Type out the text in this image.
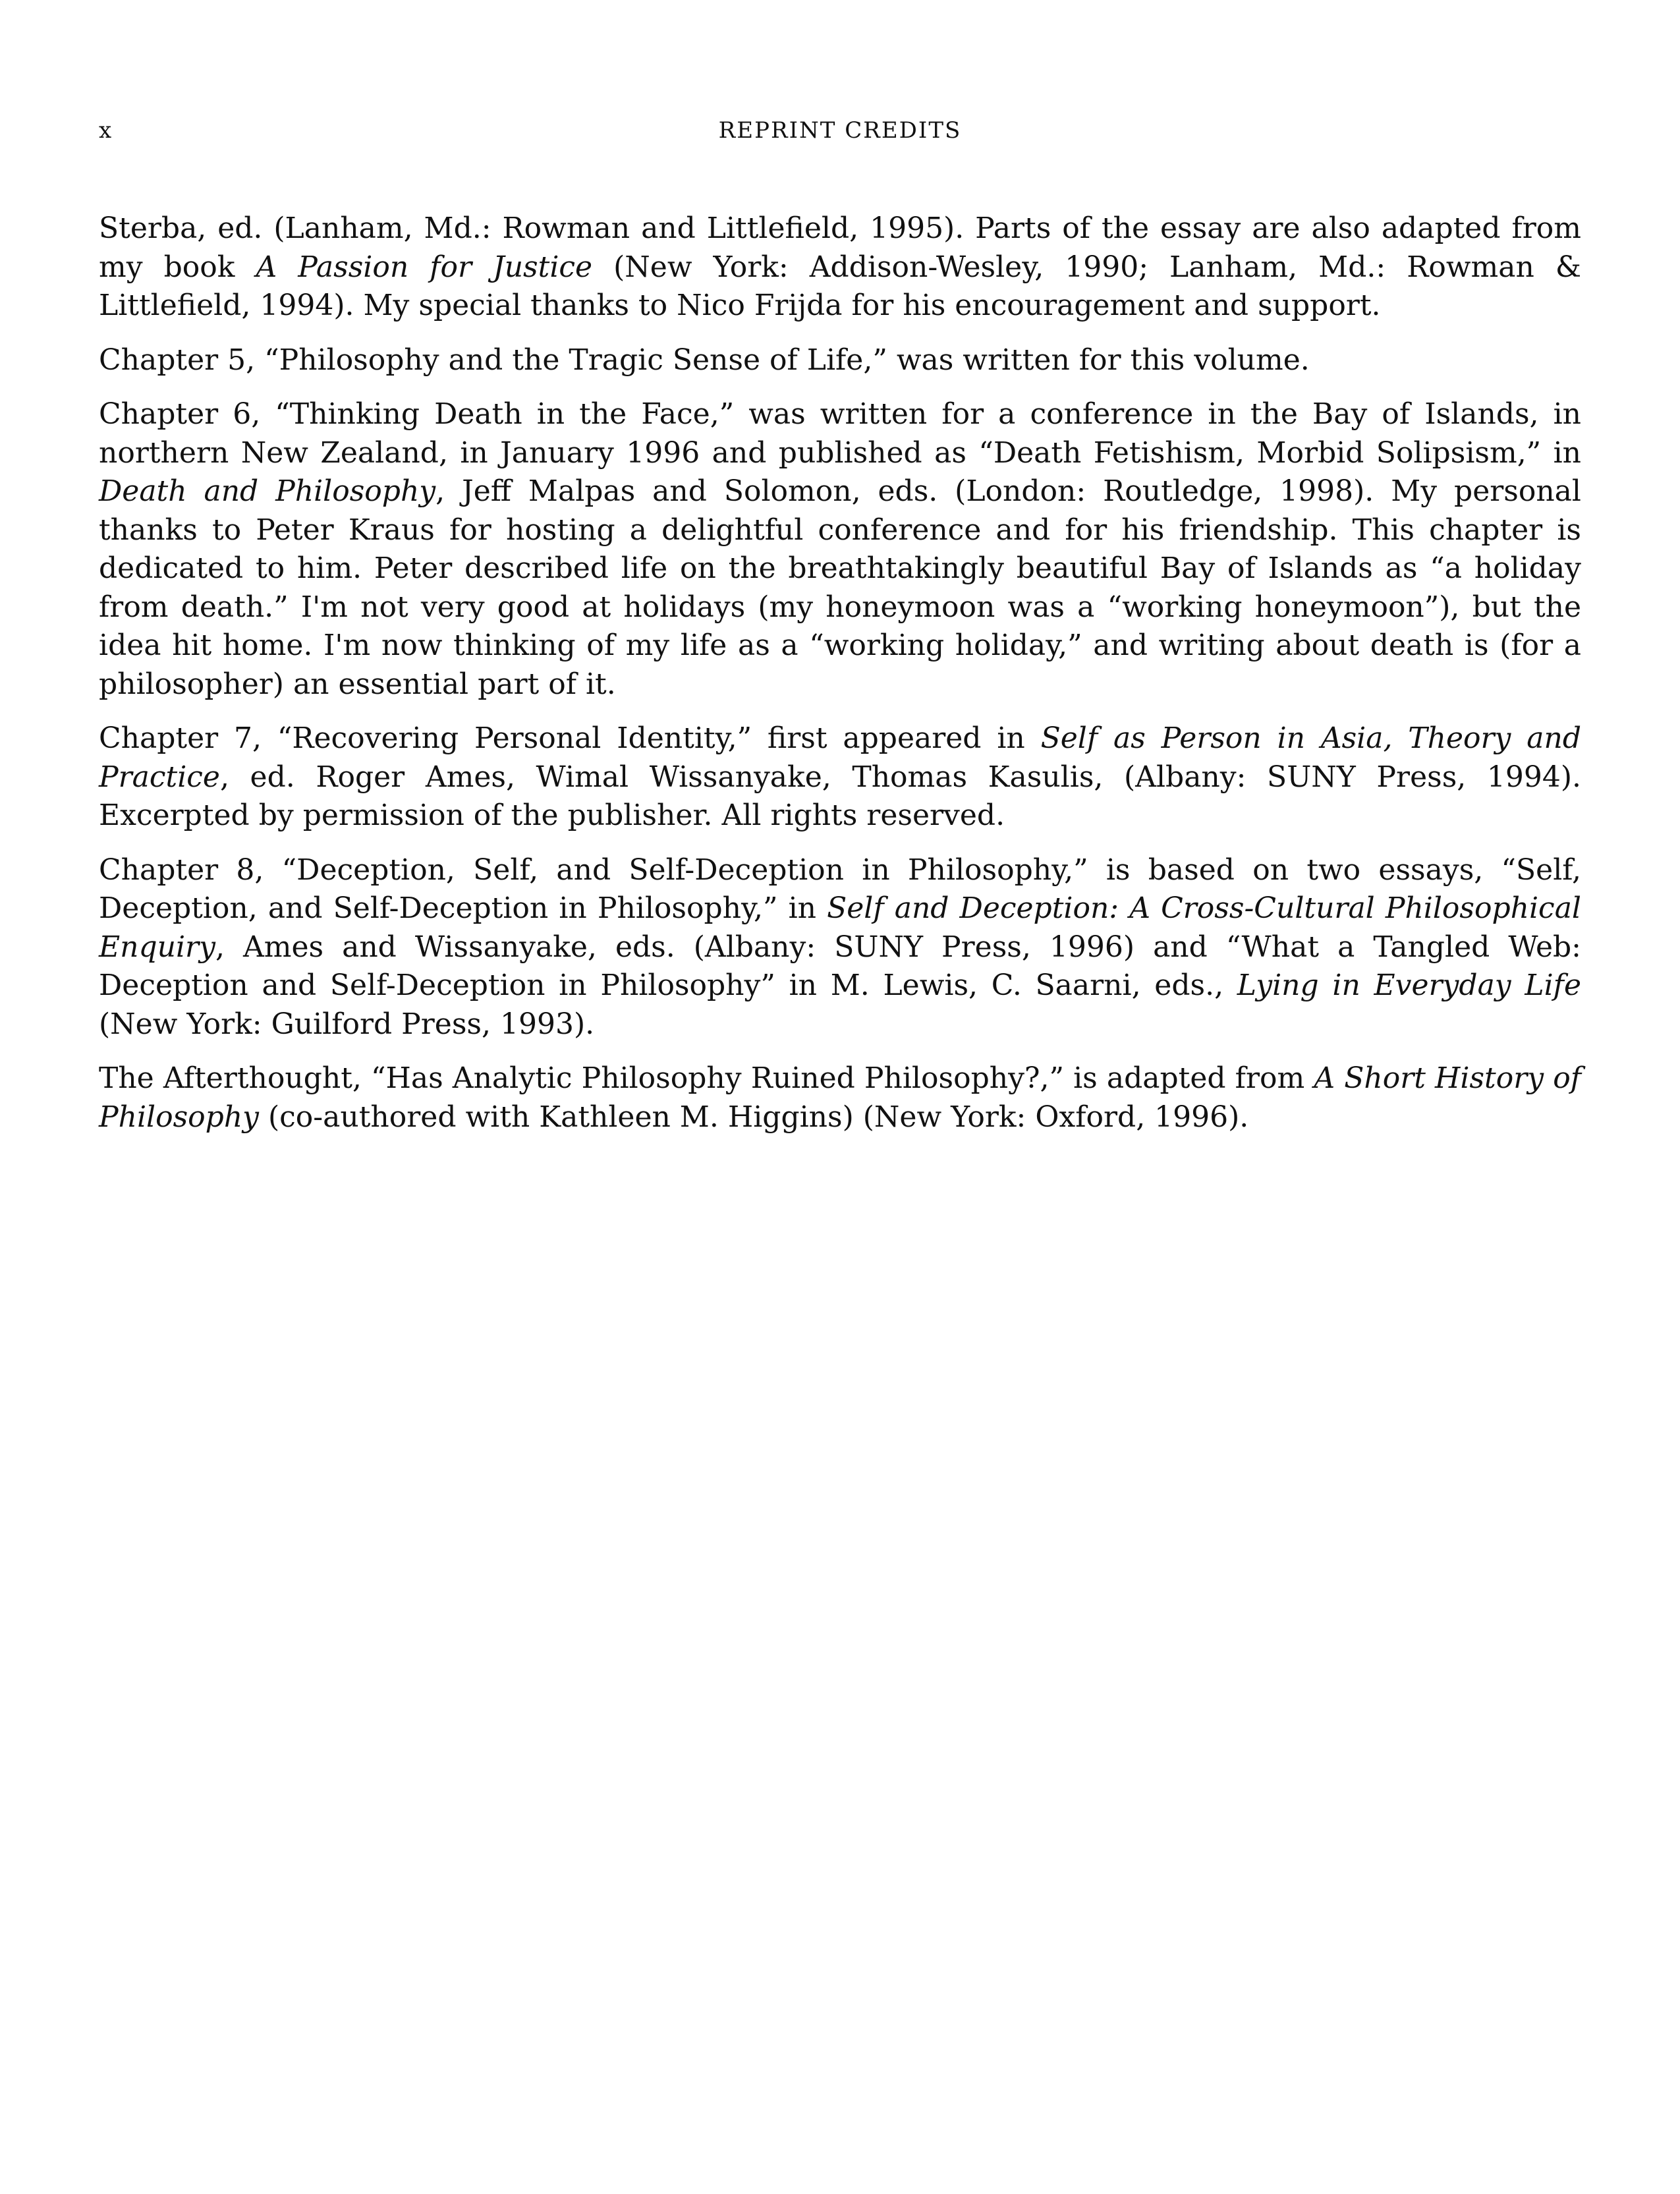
x	REPRINT CREDITS

Sterba, ed. (Lanham, Md.: Rowman and Littlefield, 1995). Parts of the essay are also adapted from my book A Passion for Justice (New York: Addison-Wesley, 1990; Lanham, Md.: Rowman & Littlefield, 1994). My special thanks to Nico Frijda for his encouragement and support.

Chapter 5, “Philosophy and the Tragic Sense of Life,” was written for this volume.

Chapter 6, “Thinking Death in the Face,” was written for a conference in the Bay of Islands, in northern New Zealand, in January 1996 and published as “Death Fetishism, Morbid Solipsism,” in Death and Philosophy, Jeff Malpas and Solomon, eds. (London: Routledge, 1998). My personal thanks to Peter Kraus for hosting a delightful conference and for his friendship. This chapter is dedicated to him. Peter described life on the breathtakingly beautiful Bay of Islands as “a holiday from death.” I'm not very good at holidays (my honeymoon was a “working honeymoon”), but the idea hit home. I'm now thinking of my life as a “working holiday,” and writing about death is (for a philosopher) an essential part of it.

Chapter 7, “Recovering Personal Identity,” first appeared in Self as Person in Asia, Theory and Practice, ed. Roger Ames, Wimal Wissanyake, Thomas Kasulis, (Albany: SUNY Press, 1994). Excerpted by permission of the publisher. All rights reserved.

Chapter 8, “Deception, Self, and Self-Deception in Philosophy,” is based on two essays, “Self, Deception, and Self-Deception in Philosophy,” in Self and Deception: A Cross-Cultural Philosophical Enquiry, Ames and Wissanyake, eds. (Albany: SUNY Press, 1996) and “What a Tangled Web: Deception and Self-Deception in Philosophy” in M. Lewis, C. Saarni, eds., Lying in Everyday Life (New York: Guilford Press, 1993).

The Afterthought, “Has Analytic Philosophy Ruined Philosophy?,” is adapted from A Short History of Philosophy (co-authored with Kathleen M. Higgins) (New York: Oxford, 1996).
